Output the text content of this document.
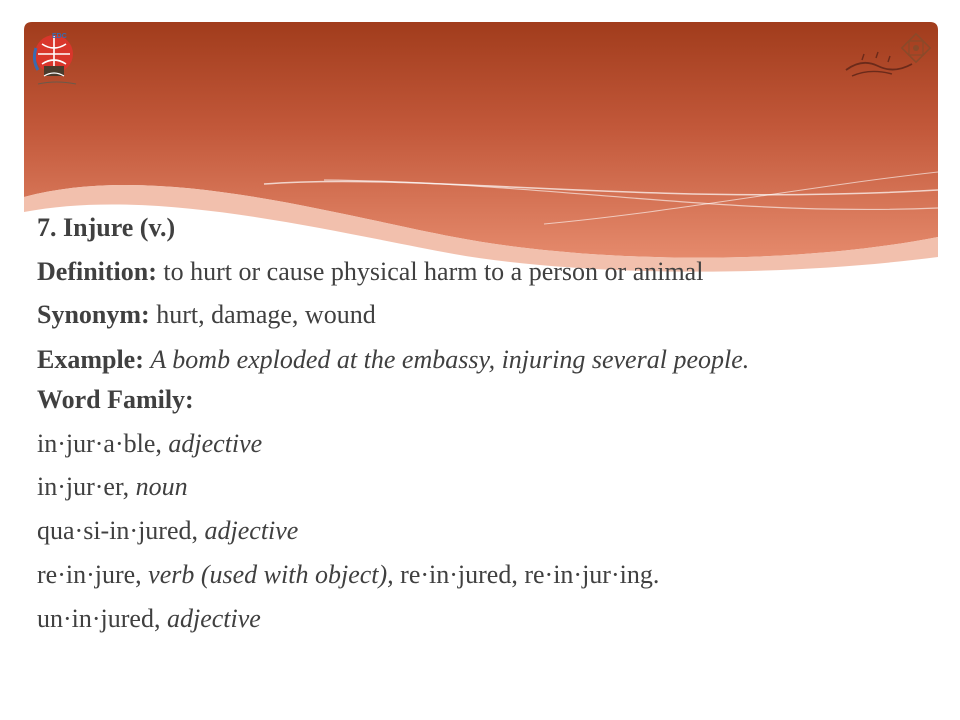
EDC
7. Injure (v.)
Definition: to hurt or cause physical harm to a person or animal
Synonym: hurt, damage, wound
Example: A bomb exploded at the embassy, injuring several people.
Word Family:
in·jur·a·ble, adjective
in·jur·er, noun
qua·si-in·jured, adjective
re·in·jure, verb (used with object), re·in·jured, re·in·jur·ing.
un·in·jured, adjective
